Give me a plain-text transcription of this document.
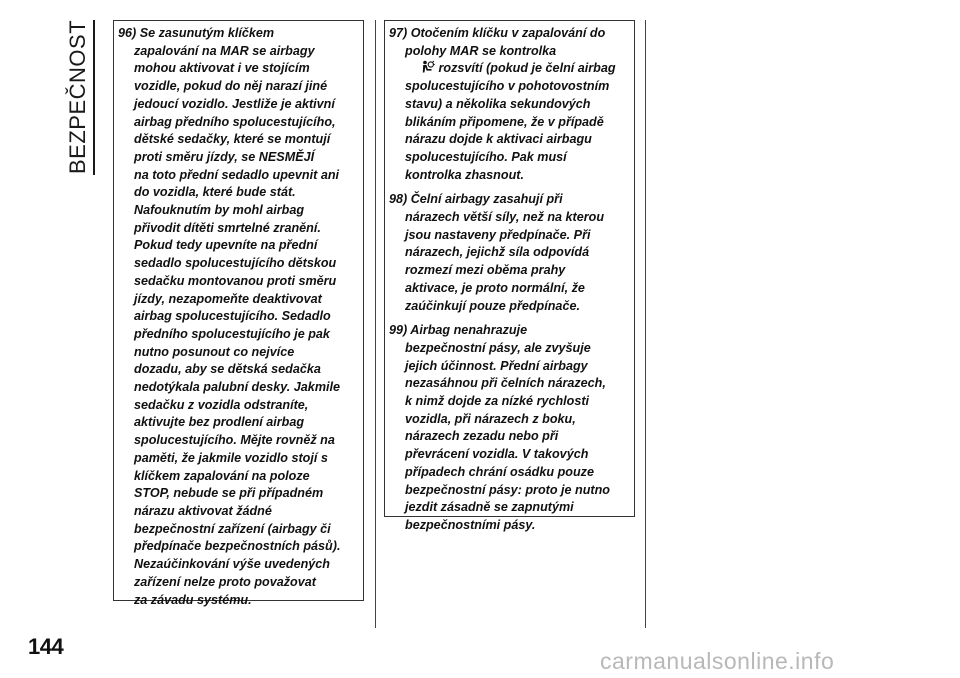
BEZPEČNOST 96) Se zasunutým klíčkem
zapalování na MAR se airbagy
mohou aktivovat i ve stojícím
vozidle, pokud do něj narazí jiné
jedoucí vozidlo. Jestliže je aktivní
airbag předního spolucestujícího,
dětské sedačky, které se montují
proti směru jízdy, se NESMĚJÍ
na toto přední sedadlo upevnit ani
do vozidla, které bude stát.
Nafouknutím by mohl airbag
přivodit dítěti smrtelné zranění.
Pokud tedy upevníte na přední
sedadlo spolucestujícího dětskou
sedačku montovanou proti směru
jízdy, nezapomeňte deaktivovat
airbag spolucestujícího. Sedadlo
předního spolucestujícího je pak
nutno posunout co nejvíce
dozadu, aby se dětská sedačka
nedotýkala palubní desky. Jakmile
sedačku z vozidla odstraníte,
aktivujte bez prodlení airbag
spolucestujícího. Mějte rovněž na
paměti, že jakmile vozidlo stojí s
klíčkem zapalování na poloze
STOP, nebude se při případném
nárazu aktivovat žádné
bezpečnostní zařízení (airbagy či
předpínače bezpečnostních pásů).
Nezaúčinkování výše uvedených
zařízení nelze proto považovat
za závadu systému.
97) Otočením klíčku v zapalování do
polohy MAR se kontrolka
rozsvítí (pokud je čelní airbag
spolucestujícího v pohotovostním
stavu) a několika sekundových
blikáním připomene, že v případě
nárazu dojde k aktivaci airbagu
spolucestujícího. Pak musí
kontrolka zhasnout.
98) Čelní airbagy zasahují při
nárazech větší síly, než na kterou
jsou nastaveny předpínače. Při
nárazech, jejichž síla odpovídá
rozmezí mezi oběma prahy
aktivace, je proto normální, že
zaúčinkují pouze předpínače.
99) Airbag nenahrazuje
bezpečnostní pásy, ale zvyšuje
jejich účinnost. Přední airbagy
nezasáhnou při čelních nárazech,
k nimž dojde za nízké rychlosti
vozidla, při nárazech z boku,
nárazech zezadu nebo při
převrácení vozidla. V takových
případech chrání osádku pouze
bezpečnostní pásy: proto je nutno
jezdit zásadně se zapnutými
bezpečnostními pásy.
144
carmanualsonline.info
